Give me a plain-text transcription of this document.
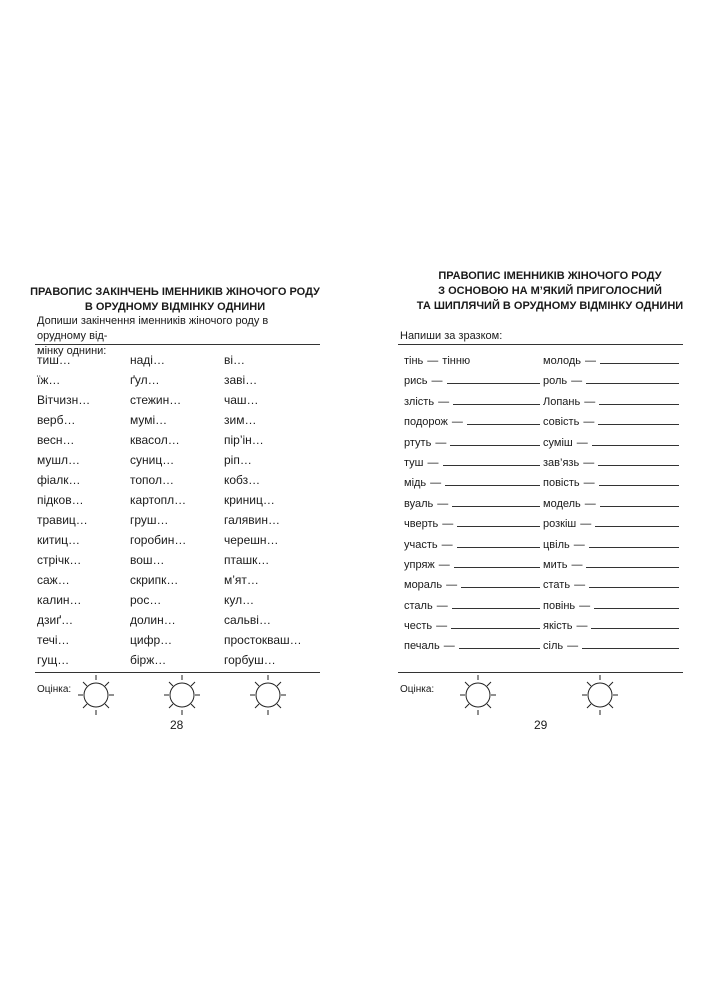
ПРАВОПИС ЗАКІНЧЕНЬ ІМЕННИКІВ ЖІНОЧОГО РОДУ
В ОРУДНОМУ ВІДМІНКУ ОДНИНИ
Допиши закінчення іменників жіночого роду в орудному від-
мінку однини:
тиш…	наді…	ві…
їж…	ґул…	заві…
Вітчизн…	стежин…	чаш…
верб…	мумі…	зим…
весн…	квасол…	пір’ін…
мушл…	суниц…	ріп…
фіалк…	топол…	кобз…
підков…	картопл…	криниц…
травиц…	груш…	галявин…
китиц…	горобин…	черешн…
стрічк…	вош…	пташк…
саж…	скрипк…	м’ят…
калин…	рос…	кул…
дзиґ…	долин…	сальві…
течі…	цифр…	простокваш…
гущ…	бірж…	горбуш…
Оцінка:
28
ПРАВОПИС ІМЕННИКІВ ЖІНОЧОГО РОДУ
З ОСНОВОЮ НА М’ЯКИЙ ПРИГОЛОСНИЙ
ТА ШИПЛЯЧИЙ В ОРУДНОМУ ВІДМІНКУ ОДНИНИ
Напиши за зразком:
тінь — тінню	молодь —
рись —	роль —
злість —	Лопань —
подорож —	совість —
ртуть —	суміш —
туш —	зав’язь —
мідь —	повість —
вуаль —	модель —
чверть —	розкіш —
участь —	цвіль —
упряж —	мить —
мораль —	стать —
сталь —	повінь —
честь —	якість —
печаль —	сіль —
Оцінка:
29
